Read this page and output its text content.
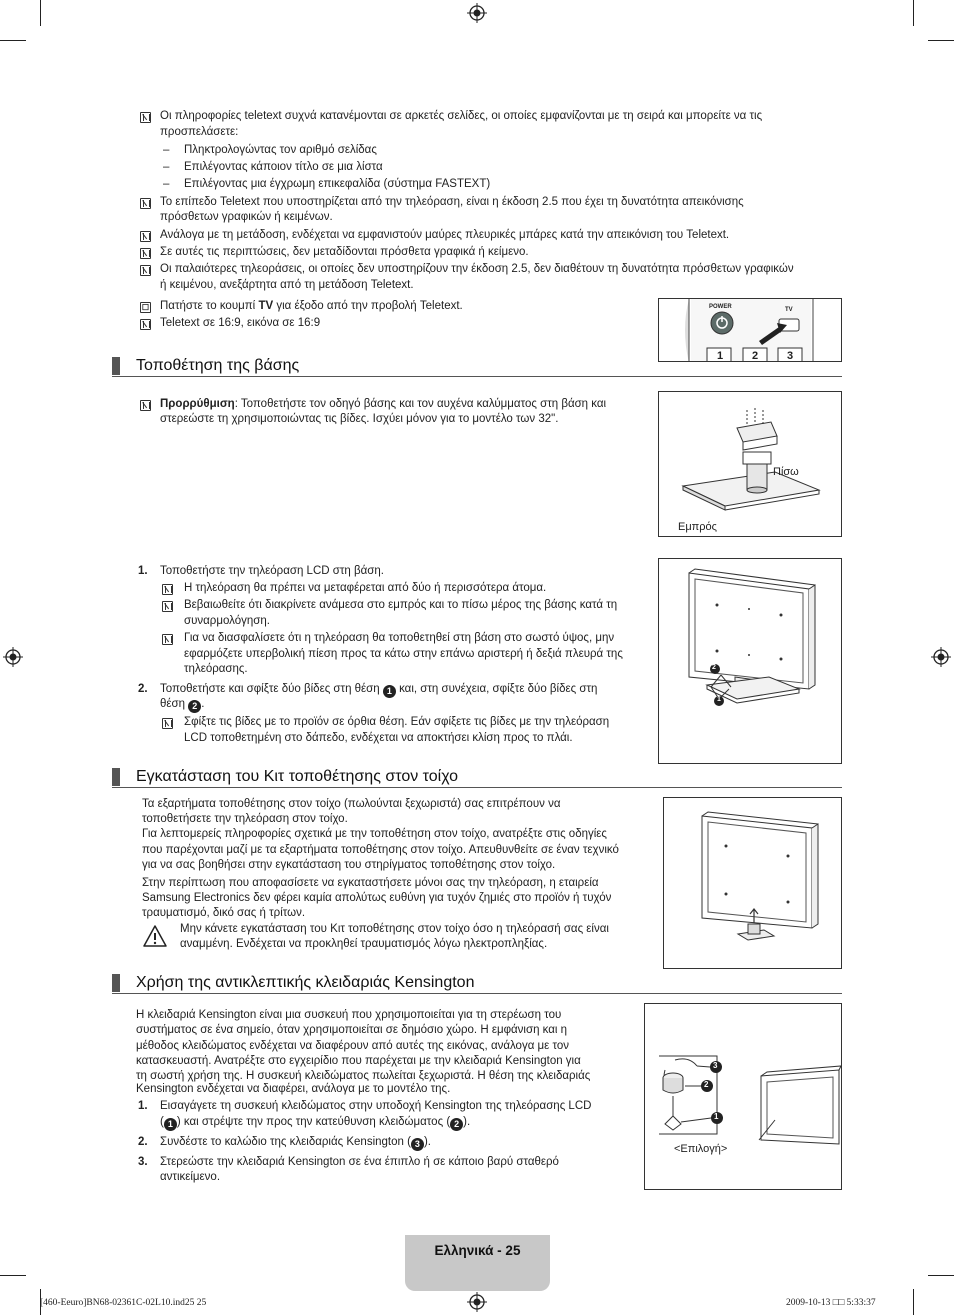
Οι πληροφορίες teletext συχνά κατανέμονται σε αρκετές σελίδες, οι οποίες εμφανίζονται με τη σειρά και μπορείτε να τις
προσπελάσετε:
– Πληκτρολογώντας τον αριθμό σελίδας
– Επιλέγοντας κάποιον τίτλο σε μια λίστα
– Επιλέγοντας μια έγχρωμη επικεφαλίδα (σύστημα FASTEXT)
Το επίπεδο Teletext που υποστηρίζεται από την τηλεόραση, είναι η έκδοση 2.5 που έχει τη δυνατότητα απεικόνισης
πρόσθετων γραφικών ή κειμένων.
Ανάλογα με τη μετάδοση, ενδέχεται να εμφανιστούν μαύρες πλευρικές μπάρες κατά την απεικόνιση του Teletext.
Σε αυτές τις περιπτώσεις, δεν μεταδίδονται πρόσθετα γραφικά ή κείμενο.
Οι παλαιότερες τηλεοράσεις, οι οποίες δεν υποστηρίζουν την έκδοση 2.5, δεν διαθέτουν τη δυνατότητα πρόσθετων γραφικών
ή κειμένου, ανεξάρτητα από τη μετάδοση Teletext.
☐ Πατήστε το κουμπί TV για έξοδο από την προβολή Teletext.
Teletext σε 16:9, εικόνα σε 16:9
POWER	TV
1	2	3
Τοποθέτηση της βάσης
Προρρύθμιση: Τοποθετήστε τον οδηγό βάσης και τον αυχένα καλύμματος στη βάση και
στερεώστε τη χρησιμοποιώντας τις βίδες. Ισχύει μόνον για το μοντέλο των 32".
Πίσω
Εμπρός
1. Τοποθετήστε την τηλεόραση LCD στη βάση.
Η τηλεόραση θα πρέπει να μεταφέρεται από δύο ή περισσότερα άτομα.
Βεβαιωθείτε ότι διακρίνετε ανάμεσα στο εμπρός και το πίσω μέρος της βάσης κατά τη
συναρμολόγηση.
Για να διασφαλίσετε ότι η τηλεόραση θα τοποθετηθεί στη βάση στο σωστό ύψος, μην
εφαρμόζετε υπερβολική πίεση προς τα κάτω στην επάνω αριστερή ή δεξιά πλευρά της
τηλεόρασης.
2. Τοποθετήστε και σφίξτε δύο βίδες στη θέση 1 και, στη συνέχεια, σφίξτε δύο βίδες στη
θέση 2 .
Σφίξτε τις βίδες με το προϊόν σε όρθια θέση. Εάν σφίξετε τις βίδες με την τηλεόραση
LCD τοποθετημένη στο δάπεδο, ενδέχεται να αποκτήσει κλίση προς το πλάι.
2
1
Εγκατάσταση του Κιτ τοποθέτησης στον τοίχο
Τα εξαρτήματα τοποθέτησης στον τοίχο (πωλούνται ξεχωριστά) σας επιτρέπουν να
τοποθετήσετε την τηλεόραση στον τοίχο.
Για λεπτομερείς πληροφορίες σχετικά με την τοποθέτηση στον τοίχο, ανατρέξτε στις οδηγίες
που παρέχονται μαζί με τα εξαρτήματα τοποθέτησης στον τοίχο. Απευθυνθείτε σε έναν τεχνικό
για να σας βοηθήσει στην εγκατάσταση του στηρίγματος τοποθέτησης στον τοίχο.
Στην περίπτωση που αποφασίσετε να εγκαταστήσετε μόνοι σας την τηλεόραση, η εταιρεία
Samsung Electronics δεν φέρει καμία απολύτως ευθύνη για τυχόν ζημιές στο προϊόν ή τυχόν
τραυματισμό, δικό σας ή τρίτων.
Μην κάνετε εγκατάσταση του Κιτ τοποθέτησης στον τοίχο όσο η τηλεόρασή σας είναι
αναμμένη. Ενδέχεται να προκληθεί τραυματισμός λόγω ηλεκτροπληξίας.
Χρήση της αντικλεπτικής κλειδαριάς Kensington
Η κλειδαριά Kensington είναι μια συσκευή που χρησιμοποιείται για τη στερέωση του
συστήματος σε ένα σημείο, όταν χρησιμοποιείται σε δημόσιο χώρο. Η εμφάνιση και η
μέθοδος κλειδώματος ενδέχεται να διαφέρουν από αυτές της εικόνας, ανάλογα με τον
κατασκευαστή. Ανατρέξτε στο εγχειρίδιο που παρέχεται με την κλειδαριά Kensington για
τη σωστή χρήση της. Η συσκευή κλειδώματος πωλείται ξεχωριστά. Η θέση της κλειδαριάς
Kensington ενδέχεται να διαφέρει, ανάλογα με το μοντέλο της.
1. Εισαγάγετε τη συσκευή κλειδώματος στην υποδοχή Kensington της τηλεόρασης LCD
( 1 ) και στρέψτε την προς την κατεύθυνση κλειδώματος ( 2 ).
2. Συνδέστε το καλώδιο της κλειδαριάς Kensington ( 3 ).
3. Στερεώστε την κλειδαριά Kensington σε ένα έπιπλο ή σε κάποιο βαρύ σταθερό
αντικείμενο.
3
2
1
<Επιλογή>
Ελληνικά - 25
[460-Eeuro]BN68-02361C-02L10.ind25 25	2009-10-13 □□ 5:33:37
